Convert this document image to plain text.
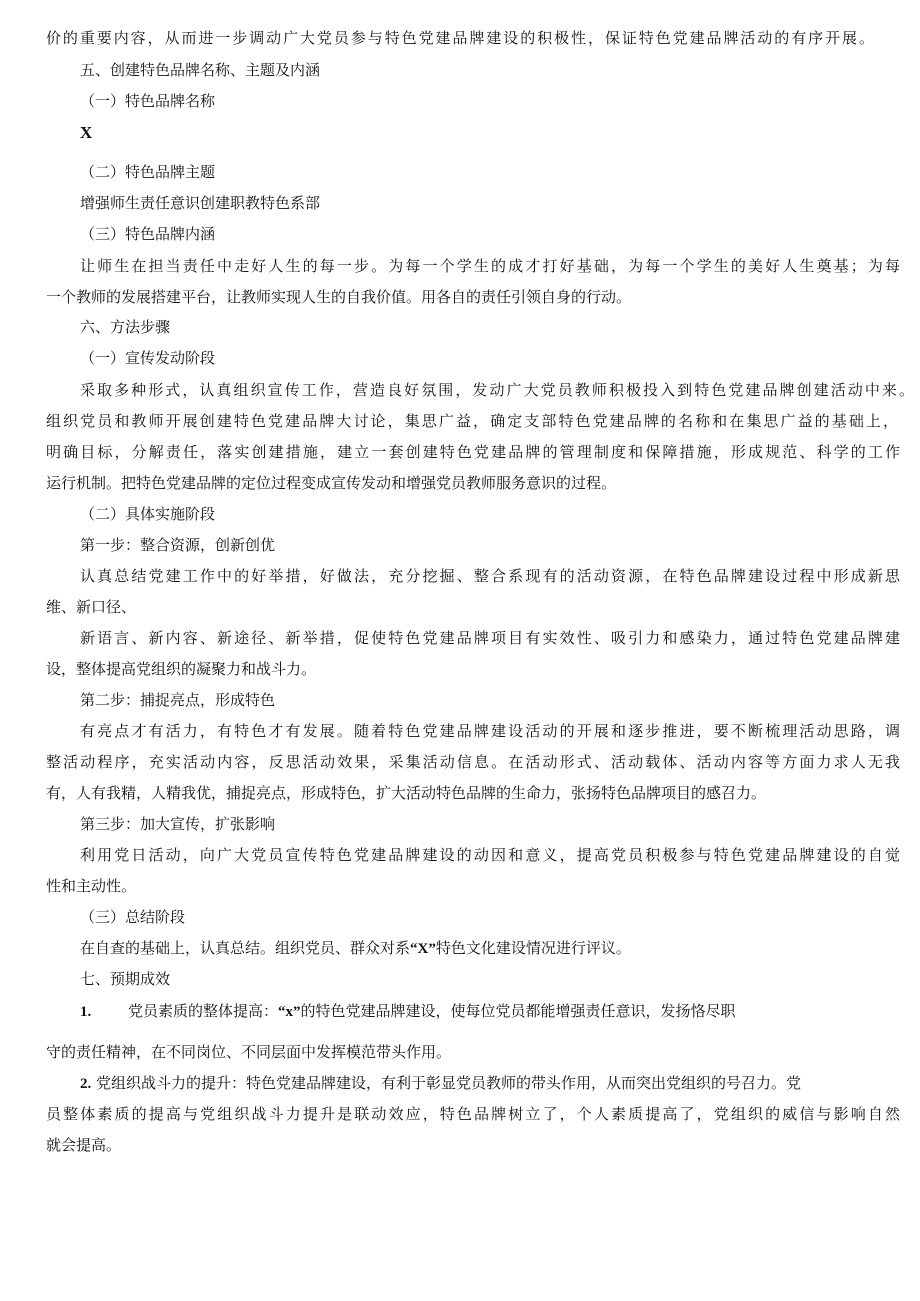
价的重要内容，从而进一步调动广大党员参与特色党建品牌建设的积极性，保证特色党建品牌活动的有序开展。
五、创建特色品牌名称、主题及内涵
（一）特色品牌名称
X
（二）特色品牌主题
增强师生责任意识创建职教特色系部
（三）特色品牌内涵
让师生在担当责任中走好人生的每一步。为每一个学生的成才打好基础，为每一个学生的美好人生奠基；为每
一个教师的发展搭建平台，让教师实现人生的自我价值。用各自的责任引领自身的行动。
六、方法步骤
（一）宣传发动阶段
采取多种形式，认真组织宣传工作，营造良好氛围，发动广大党员教师积极投入到特色党建品牌创建活动中来。
组织党员和教师开展创建特色党建品牌大讨论，集思广益，确定支部特色党建品牌的名称和在集思广益的基础上，
明确目标，分解责任，落实创建措施，建立一套创建特色党建品牌的管理制度和保障措施，形成规范、科学的工作
运行机制。把特色党建品牌的定位过程变成宣传发动和增强党员教师服务意识的过程。
（二）具体实施阶段
第一步：整合资源，创新创优
认真总结党建工作中的好举措，好做法，充分挖掘、整合系现有的活动资源，在特色品牌建设过程中形成新思
维、新口径、
新语言、新内容、新途径、新举措，促使特色党建品牌项目有实效性、吸引力和感染力，通过特色党建品牌建
设，整体提高党组织的凝聚力和战斗力。
第二步：捕捉亮点，形成特色
有亮点才有活力，有特色才有发展。随着特色党建品牌建设活动的开展和逐步推进，要不断梳理活动思路，调
整活动程序，充实活动内容，反思活动效果，采集活动信息。在活动形式、活动载体、活动内容等方面力求人无我
有，人有我精，人精我优，捕捉亮点，形成特色，扩大活动特色品牌的生命力，张扬特色品牌项目的感召力。
第三步：加大宣传，扩张影响
利用党日活动，向广大党员宣传特色党建品牌建设的动因和意义，提高党员积极参与特色党建品牌建设的自觉
性和主动性。
（三）总结阶段
在自查的基础上，认真总结。组织党员、群众对系“X”特色文化建设情况进行评议。
七、预期成效
1. 党员素质的整体提高：“x”的特色党建品牌建设，使每位党员都能增强责任意识，发扬恪尽职
守的责任精神，在不同岗位、不同层面中发挥模范带头作用。
2. 党组织战斗力的提升：特色党建品牌建设，有利于彰显党员教师的带头作用，从而突出党组织的号召力。党
员整体素质的提高与党组织战斗力提升是联动效应，特色品牌树立了，个人素质提高了，党组织的威信与影响自然
就会提高。
